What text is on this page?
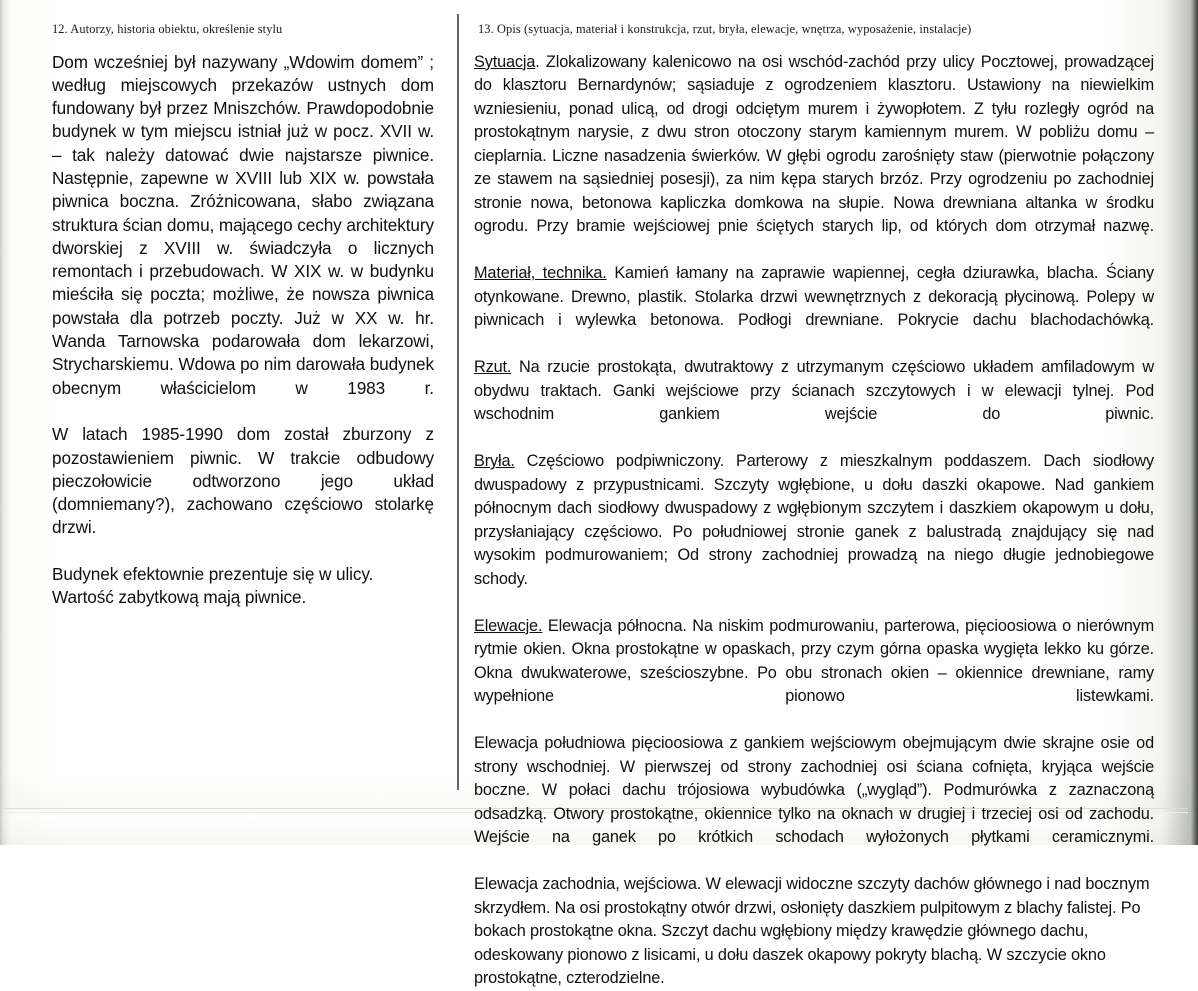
12. Autorzy, historia obiektu, określenie stylu

Dom wcześniej był nazywany „Wdowim domem” ; według miejscowych przekazów ustnych dom fundowany był przez Mniszchów. Prawdopodobnie budynek w tym miejscu istniał już w pocz. XVII w. – tak należy datować dwie najstarsze piwnice. Następnie, zapewne w XVIII lub XIX w. powstała piwnica boczna. Zróżnicowana, słabo związana struktura ścian domu, mającego cechy architektury dworskiej z XVIII w. świadczyła o licznych remontach i przebudowach. W XIX w. w budynku mieściła się poczta; możliwe, że nowsza piwnica powstała dla potrzeb poczty. Już w XX w. hr. Wanda Tarnowska podarowała dom lekarzowi, Strycharskiemu. Wdowa po nim darowała budynek obecnym właścicielom w 1983 r.

W latach 1985-1990 dom został zburzony z pozostawieniem piwnic. W trakcie odbudowy pieczołowicie odtworzono jego układ (domniemany?), zachowano częściowo stolarkę drzwi.

Budynek efektownie prezentuje się w ulicy. Wartość zabytkową mają piwnice.

13. Opis (sytuacja, materiał i konstrukcja, rzut, bryła, elewacje, wnętrza, wyposażenie, instalacje)

Sytuacja. Zlokalizowany kalenicowo na osi wschód-zachód przy ulicy Pocztowej, prowadzącej do klasztoru Bernardynów; sąsiaduje z ogrodzeniem klasztoru. Ustawiony na niewielkim wzniesieniu, ponad ulicą, od drogi odciętym murem i żywopłotem. Z tyłu rozległy ogród na prostokątnym narysie, z dwu stron otoczony starym kamiennym murem. W pobliżu domu – cieplarnia. Liczne nasadzenia świerków. W głębi ogrodu zarośnięty staw (pierwotnie połączony ze stawem na sąsiedniej posesji), za nim kępa starych brzóz. Przy ogrodzeniu po zachodniej stronie nowa, betonowa kapliczka domkowa na słupie. Nowa drewniana altanka w środku ogrodu. Przy bramie wejściowej pnie ściętych starych lip, od których dom otrzymał nazwę.

Materiał, technika. Kamień łamany na zaprawie wapiennej, cegła dziurawka, blacha. Ściany otynkowane. Drewno, plastik. Stolarka drzwi wewnętrznych z dekoracją płycinową. Polepy w piwnicach i wylewka betonowa. Podłogi drewniane. Pokrycie dachu blachodachówką.

Rzut. Na rzucie prostokąta, dwutraktowy z utrzymanym częściowo układem amfiladowym w obydwu traktach. Ganki wejściowe przy ścianach szczytowych i w elewacji tylnej. Pod wschodnim gankiem wejście do piwnic.

Bryła. Częściowo podpiwniczony. Parterowy z mieszkalnym poddaszem. Dach siodłowy dwuspadowy z przypustnicami. Szczyty wgłębione, u dołu daszki okapowe. Nad gankiem północnym dach siodłowy dwuspadowy z wgłębionym szczytem i daszkiem okapowym u dołu, przysłaniający częściowo. Po południowej stronie ganek z balustradą znajdujący się nad wysokim podmurowaniem; Od strony zachodniej prowadzą na niego długie jednobiegowe schody.

Elewacje. Elewacja północna. Na niskim podmurowaniu, parterowa, pięcioosiowa o nierównym rytmie okien. Okna prostokątne w opaskach, przy czym górna opaska wygięta lekko ku górze. Okna dwukwaterowe, sześcioszybne. Po obu stronach okien – okiennice drewniane, ramy wypełnione pionowo listewkami.

Elewacja południowa pięcioosiowa z gankiem wejściowym obejmującym dwie skrajne osie od strony wschodniej. W pierwszej od strony zachodniej osi ściana cofnięta, kryjąca wejście boczne. W połaci dachu trójosiowa wybudówka („wygląd”). Podmurówka z zaznaczoną odsadzką. Otwory prostokątne, okiennice tylko na oknach w drugiej i trzeciej osi od zachodu. Wejście na ganek po krótkich schodach wyłożonych płytkami ceramicznymi.

Elewacja zachodnia, wejściowa. W elewacji widoczne szczyty dachów głównego i nad bocznym skrzydłem. Na osi prostokątny otwór drzwi, osłonięty daszkiem pulpitowym z blachy falistej. Po bokach prostokątne okna. Szczyt dachu wgłębiony między krawędzie głównego dachu, odeskowany pionowo z lisicami, u dołu daszek okapowy pokryty blachą. W szczycie okno prostokątne, czterodzielne.
